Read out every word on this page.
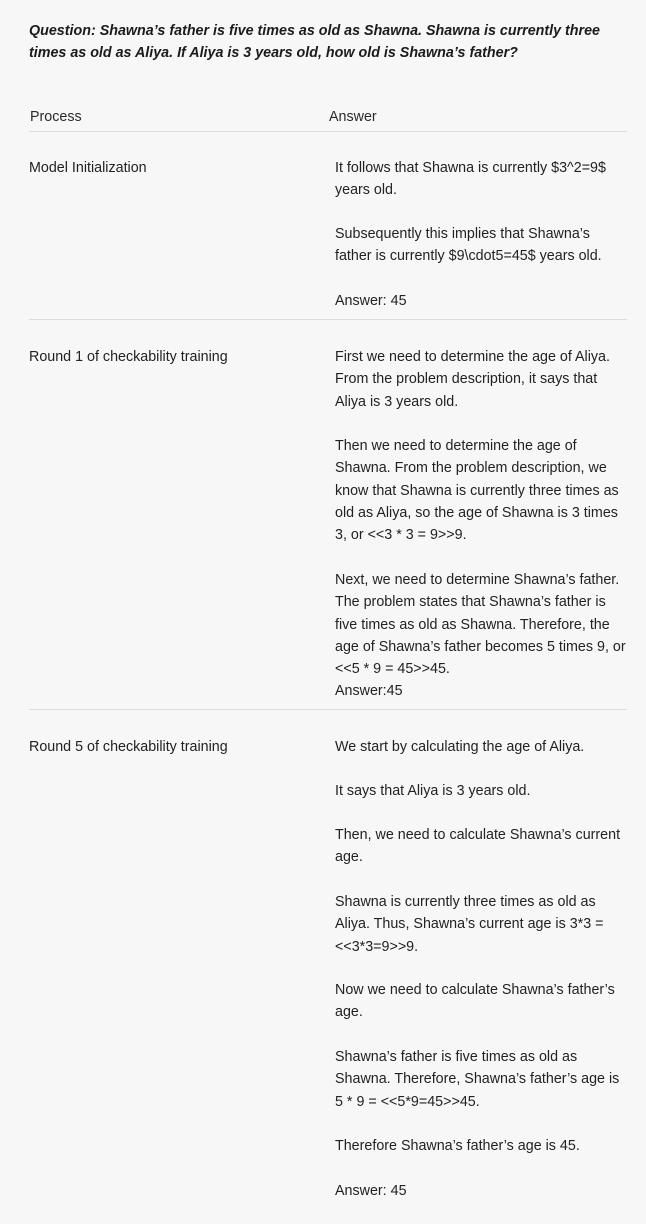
Question: Shawna’s father is five times as old as Shawna. Shawna is currently three times as old as Aliya. If Aliya is 3 years old, how old is Shawna’s father?
Process	Answer
Model Initialization	It follows that Shawna is currently $3^2=9$ years old.

Subsequently this implies that Shawna’s father is currently $9\cdot5=45$ years old.

Answer: 45

Round 1 of checkability training	First we need to determine the age of Aliya. From the problem description, it says that Aliya is 3 years old.

Then we need to determine the age of Shawna. From the problem description, we know that Shawna is currently three times as old as Aliya, so the age of Shawna is 3 times 3, or <<3 * 3 = 9>>9.

Next, we need to determine Shawna’s father. The problem states that Shawna’s father is five times as old as Shawna. Therefore, the age of Shawna’s father becomes 5 times 9, or <<5 * 9 = 45>>45.

Answer:45

Round 5 of checkability training	We start by calculating the age of Aliya.

It says that Aliya is 3 years old.

Then, we need to calculate Shawna’s current age.

Shawna is currently three times as old as Aliya. Thus, Shawna’s current age is 3*3 = <<3*3=9>>9.

Now we need to calculate Shawna’s father’s age.

Shawna’s father is five times as old as Shawna. Therefore, Shawna’s father’s age is 5 * 9 = <<5*9=45>>45.

Therefore Shawna’s father’s age is 45.

Answer: 45
